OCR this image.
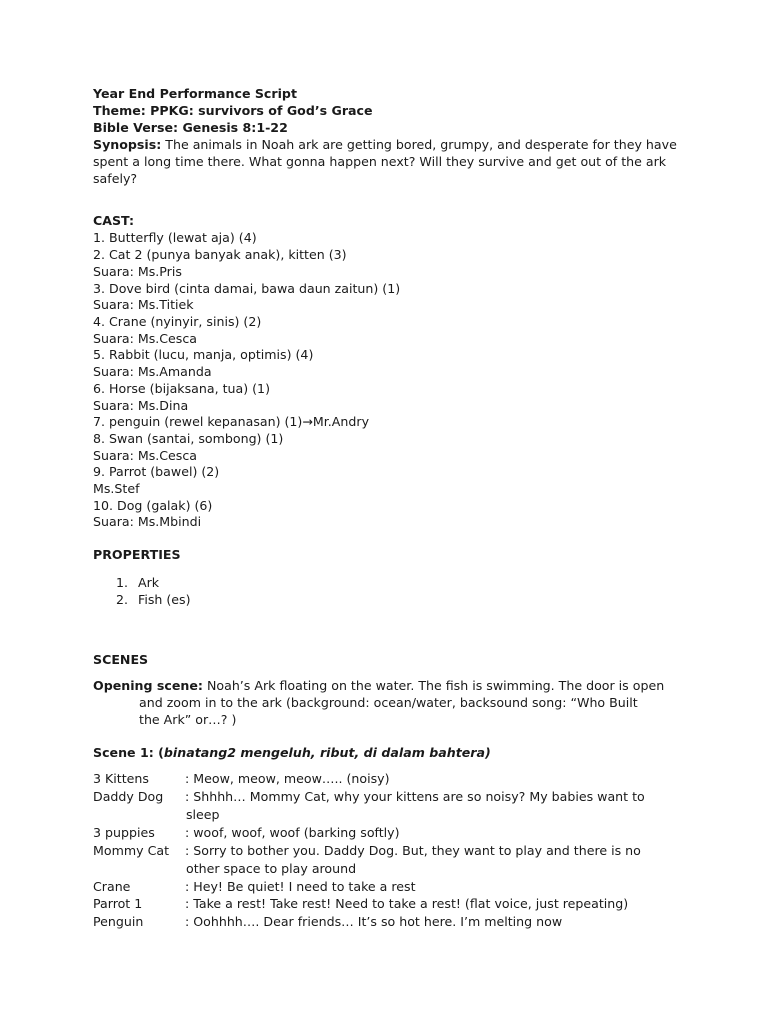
Year End Performance Script
Theme: PPKG: survivors of God’s Grace
Bible Verse: Genesis 8:1-22
Synopsis: The animals in Noah ark are getting bored, grumpy, and desperate for they have spent a long time there. What gonna happen next? Will they survive and get out of the ark safely?
CAST:
1. Butterfly (lewat aja) (4)
2. Cat 2 (punya banyak anak), kitten (3)
Suara: Ms.Pris
3. Dove bird (cinta damai, bawa daun zaitun) (1)
Suara: Ms.Titiek
4. Crane (nyinyir, sinis) (2)
Suara: Ms.Cesca
5. Rabbit (lucu, manja, optimis) (4)
Suara: Ms.Amanda
6. Horse (bijaksana, tua) (1)
Suara: Ms.Dina
7. penguin (rewel kepanasan) (1)→Mr.Andry
8. Swan (santai, sombong) (1)
Suara: Ms.Cesca
9. Parrot (bawel) (2)
Ms.Stef
10. Dog (galak) (6)
Suara: Ms.Mbindi
PROPERTIES
1. Ark
2. Fish (es)
SCENES
Opening scene: Noah’s Ark floating on the water. The fish is swimming. The door is open
and zoom in to the ark (background: ocean/water, backsound song: “Who Built
the Ark” or…? )
Scene 1: (binatang2 mengeluh, ribut, di dalam bahtera)
3 Kittens	: Meow, meow, meow….. (noisy)
Daddy Dog	: Shhhh… Mommy Cat, why your kittens are so noisy? My babies want to
sleep
3 puppies	: woof, woof, woof (barking softly)
Mommy Cat	: Sorry to bother you. Daddy Dog. But, they want to play and there is no
other space to play around
Crane	: Hey! Be quiet! I need to take a rest
Parrot 1	: Take a rest! Take rest! Need to take a rest! (flat voice, just repeating)
Penguin	: Oohhhh…. Dear friends… It’s so hot here. I’m melting now
